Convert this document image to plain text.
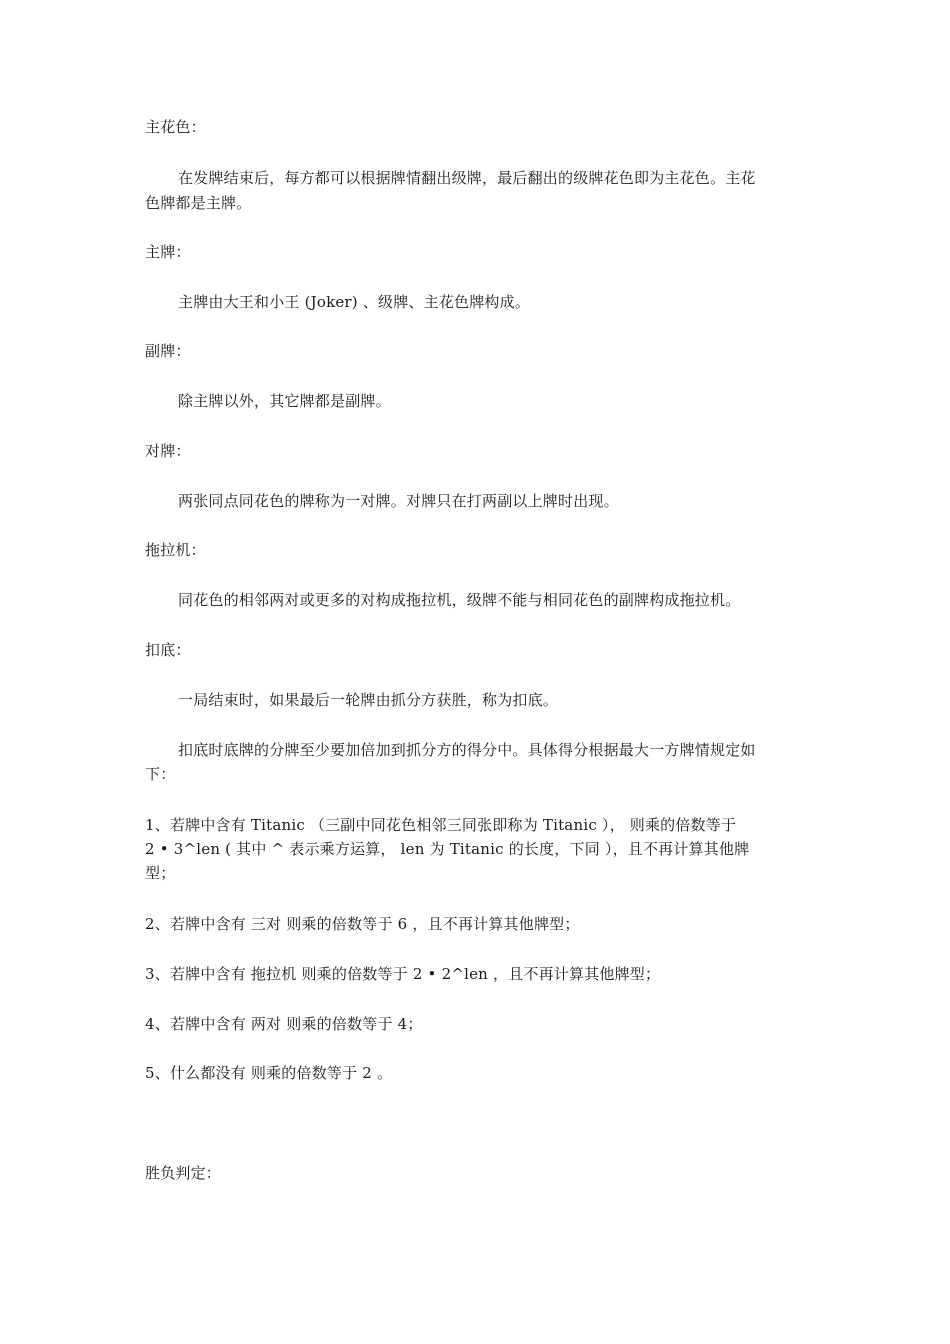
主花色：
在发牌结束后，每方都可以根据牌情翻出级牌，最后翻出的级牌花色即为主花色。主花
色牌都是主牌。
主牌：
主牌由大王和小王 (Joker) 、级牌、主花色牌构成。
副牌：
除主牌以外，其它牌都是副牌。
对牌：
两张同点同花色的牌称为一对牌。对牌只在打两副以上牌时出现。
拖拉机：
同花色的相邻两对或更多的对构成拖拉机，级牌不能与相同花色的副牌构成拖拉机。
扣底：
一局结束时，如果最后一轮牌由抓分方获胜，称为扣底。
扣底时底牌的分牌至少要加倍加到抓分方的得分中。具体得分根据最大一方牌情规定如
下：
1、若牌中含有 Titanic （三副中同花色相邻三同张即称为 Titanic ）， 则乘的倍数等于
2 • 3^len ( 其中 ^ 表示乘方运算， len 为 Titanic 的长度，下同 ），且不再计算其他牌
型；
2、若牌中含有 三对 则乘的倍数等于 6 ，且不再计算其他牌型；
3、若牌中含有 拖拉机 则乘的倍数等于 2 • 2^len ，且不再计算其他牌型；
4、若牌中含有 两对 则乘的倍数等于 4；
5、什么都没有 则乘的倍数等于 2 。
胜负判定：
